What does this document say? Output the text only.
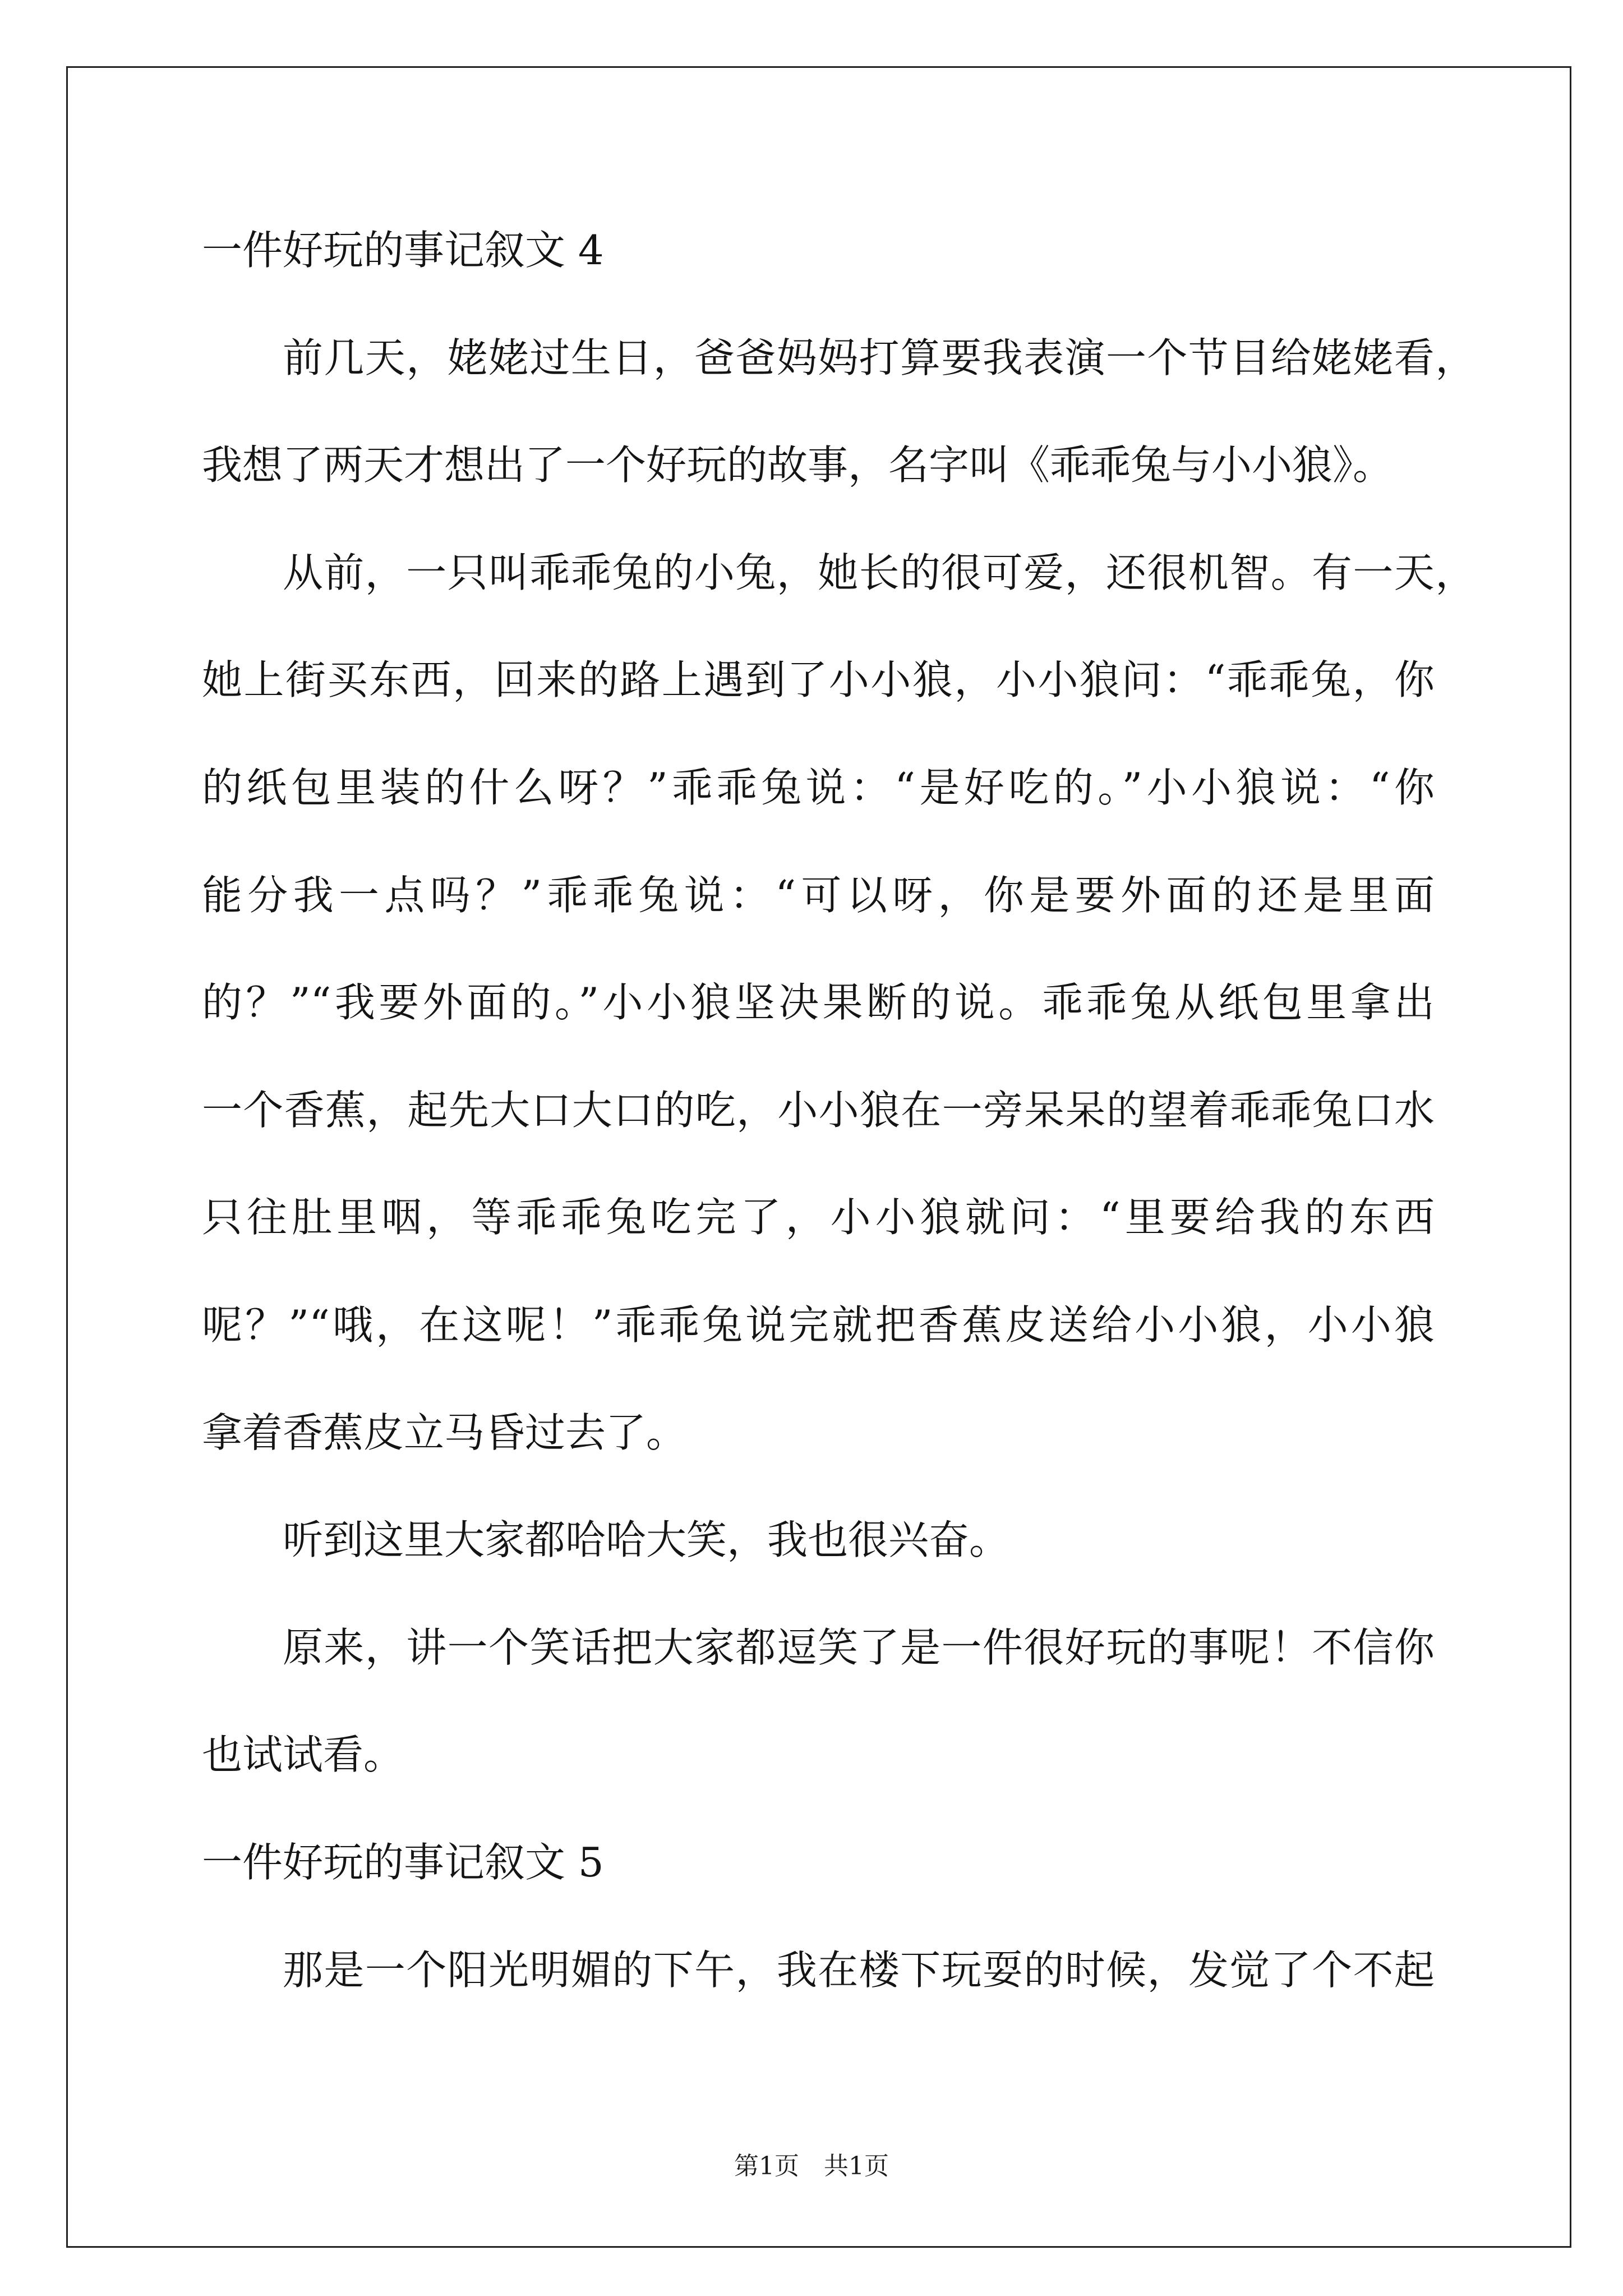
一件好玩的事记叙文 4
前几天，姥姥过生日，爸爸妈妈打算要我表演一个节目给姥姥看，
我想了两天才想出了一个好玩的故事，名字叫《乖乖兔与小小狼》。
从前，一只叫乖乖兔的小兔，她长的很可爱，还很机智。有一天，
她上街买东西，回来的路上遇到了小小狼，小小狼问：“乖乖兔，你
的纸包里装的什么呀？”乖乖兔说：“是好吃的。”小小狼说：“你
能分我一点吗？”乖乖兔说：“可以呀，你是要外面的还是里面
的？”“我要外面的。”小小狼坚决果断的说。乖乖兔从纸包里拿出
一个香蕉，起先大口大口的吃，小小狼在一旁呆呆的望着乖乖兔口水
只往肚里咽，等乖乖兔吃完了，小小狼就问：“里要给我的东西
呢？”“哦，在这呢！”乖乖兔说完就把香蕉皮送给小小狼，小小狼
拿着香蕉皮立马昏过去了。
听到这里大家都哈哈大笑，我也很兴奋。
原来，讲一个笑话把大家都逗笑了是一件很好玩的事呢！不信你
也试试看。
一件好玩的事记叙文 5
那是一个阳光明媚的下午，我在楼下玩耍的时候，发觉了个不起
第1页　共1页
